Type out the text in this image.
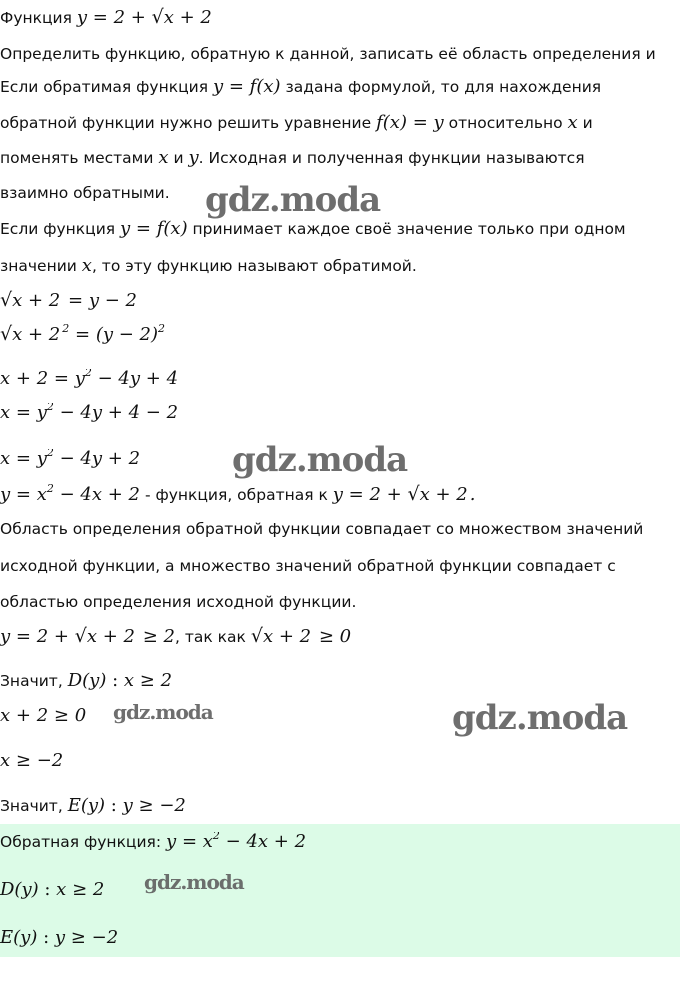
Функция y = 2 + √x + 2
Определить функцию, обратную к данной, записать её область определения и
Если обратимая функция y = f(x) задана формулой, то для нахождения
обратной функции нужно решить уравнение f(x) = y относительно x и
поменять местами x и y. Исходная и полученная функции называются
взаимно обратными.
Если функция y = f(x) принимает каждое своё значение только при одном
значении x, то эту функцию называют обратимой.
√x + 2 = y − 2
√x + 2 $^2 = (y - 2)^2$
$x + 2 = y^2 - 4y + 4$
$x = y^2 - 4y + 4 - 2$
$x = y^2 - 4y + 2$
$y = x^2 - 4x + 2$ - функция, обратная к y = 2 + √x + 2 .
Область определения обратной функции совпадает со множеством значений
исходной функции, а множество значений обратной функции совпадает с
областью определения исходной функции.
y = 2 + √x + 2 ≥ 2, так как √x + 2 ≥ 0
Значит, D(y) : x ≥ 2
x + 2 ≥ 0
x ≥ −2
Значит, E(y) : y ≥ −2
Обратная функция: $y = x^2 - 4x + 2$
D(y) : x ≥ 2
E(y) : y ≥ −2
gdz.moda
gdz.moda
gdz.moda	gdz.moda
gdz.moda
